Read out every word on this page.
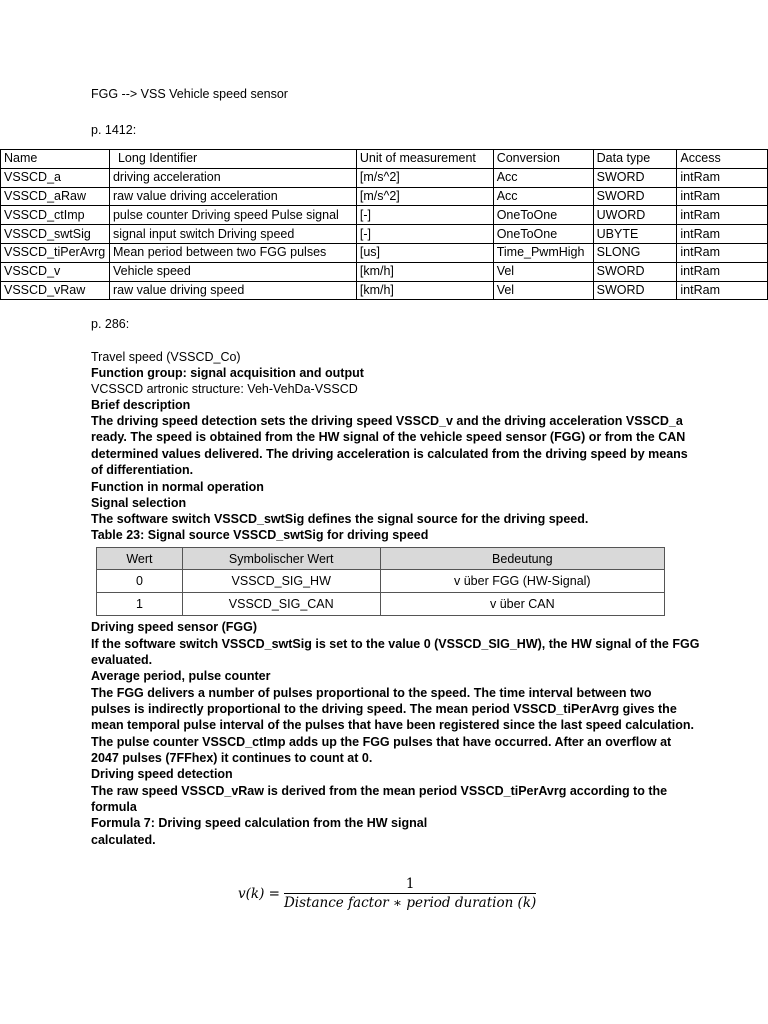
FGG --> VSS Vehicle speed sensor
p. 1412:
Name	Long Identifier	Unit of measurement	Conversion	Data type	Access
VSSCD_a	driving acceleration	[m/s^2]	Acc	SWORD	intRam
VSSCD_aRaw	raw value driving acceleration	[m/s^2]	Acc	SWORD	intRam
VSSCD_ctImp	pulse counter Driving speed Pulse signal	[-]	OneToOne	UWORD	intRam
VSSCD_swtSig	signal input switch Driving speed	[-]	OneToOne	UBYTE	intRam
VSSCD_tiPerAvrg	Mean period between two FGG pulses	[us]	Time_PwmHigh	SLONG	intRam
VSSCD_v	Vehicle speed	[km/h]	Vel	SWORD	intRam
VSSCD_vRaw	raw value driving speed	[km/h]	Vel	SWORD	intRam
p. 286:
Travel speed (VSSCD_Co)
Function group: signal acquisition and output
VCSSCD artronic structure: Veh-VehDa-VSSCD
Brief description
The driving speed detection sets the driving speed VSSCD_v and the driving acceleration VSSCD_a
ready. The speed is obtained from the HW signal of the vehicle speed sensor (FGG) or from the CAN
determined values delivered. The driving acceleration is calculated from the driving speed by means
of differentiation.
Function in normal operation
Signal selection
The software switch VSSCD_swtSig defines the signal source for the driving speed.
Table 23: Signal source VSSCD_swtSig for driving speed
Wert	Symbolischer Wert	Bedeutung
0	VSSCD_SIG_HW	v über FGG (HW-Signal)
1	VSSCD_SIG_CAN	v über CAN
Driving speed sensor (FGG)
If the software switch VSSCD_swtSig is set to the value 0 (VSSCD_SIG_HW), the HW signal of the FGG
evaluated.
Average period, pulse counter
The FGG delivers a number of pulses proportional to the speed. The time interval between two
pulses is indirectly proportional to the driving speed. The mean period VSSCD_tiPerAvrg gives the
mean temporal pulse interval of the pulses that have been registered since the last speed calculation.
The pulse counter VSSCD_ctImp adds up the FGG pulses that have occurred. After an overflow at
2047 pulses (7FFhex) it continues to count at 0.
Driving speed detection
The raw speed VSSCD_vRaw is derived from the mean period VSSCD_tiPerAvrg according to the
formula
Formula 7: Driving speed calculation from the HW signal
calculated.
$v(k) = \frac{1}{\text{Distance factor ∗ period duration (k)}}$
